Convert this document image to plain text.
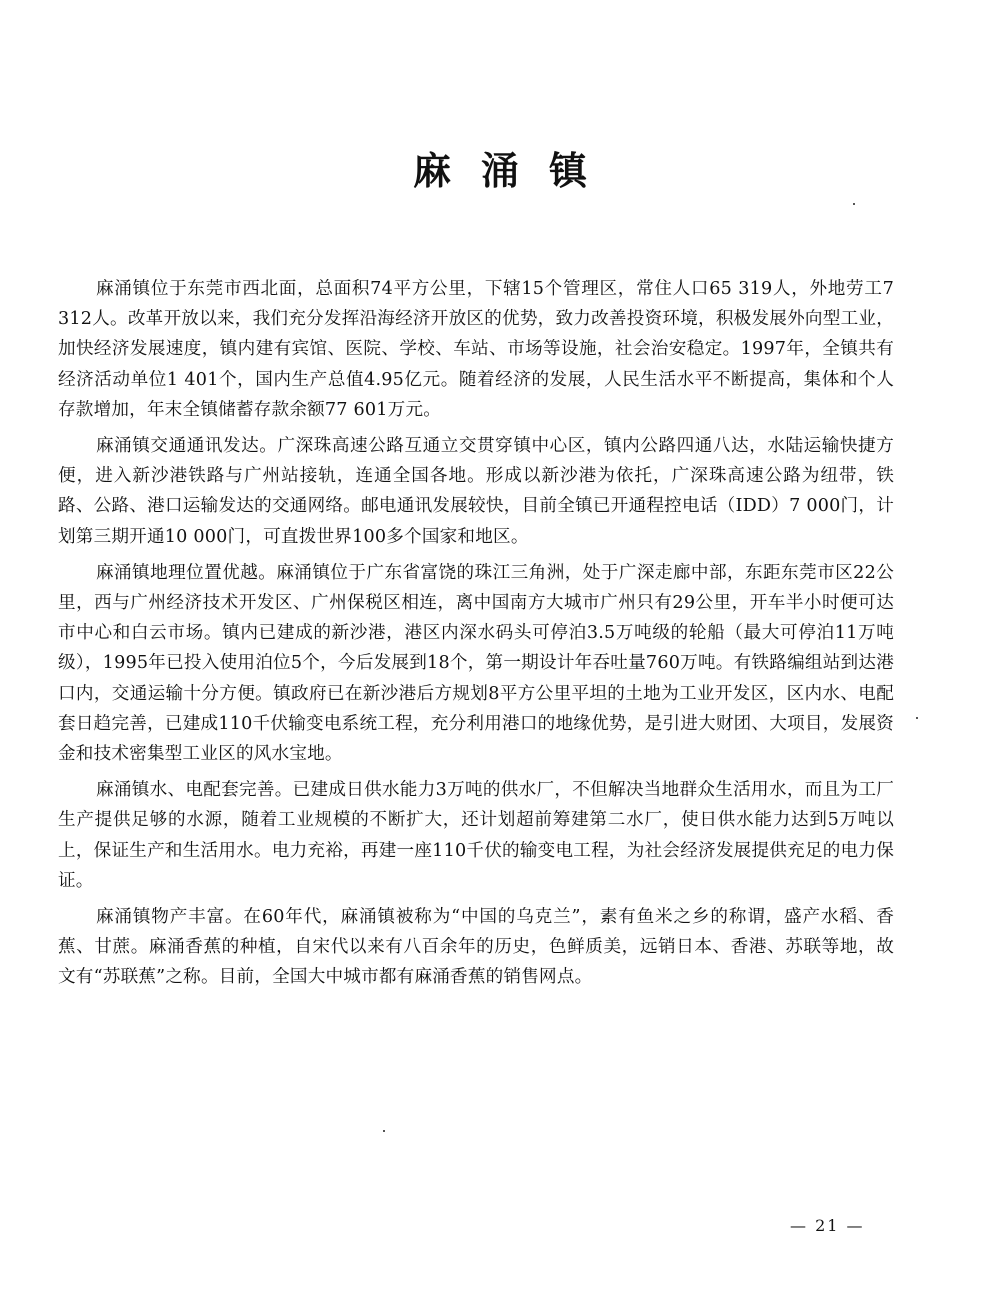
麻涌镇

麻涌镇位于东莞市西北面，总面积74平方公里，下辖15个管理区，常住人口65 319人，外地劳工7 312人。改革开放以来，我们充分发挥沿海经济开放区的优势，致力改善投资环境，积极发展外向型工业，加快经济发展速度，镇内建有宾馆、医院、学校、车站、市场等设施，社会治安稳定。1997年，全镇共有经济活动单位1 401个，国内生产总值4.95亿元。随着经济的发展，人民生活水平不断提高，集体和个人存款增加，年末全镇储蓄存款余额77 601万元。

麻涌镇交通通讯发达。广深珠高速公路互通立交贯穿镇中心区，镇内公路四通八达，水陆运输快捷方便，进入新沙港铁路与广州站接轨，连通全国各地。形成以新沙港为依托，广深珠高速公路为纽带，铁路、公路、港口运输发达的交通网络。邮电通讯发展较快，目前全镇已开通程控电话（IDD）7 000门，计划第三期开通10 000门，可直拨世界100多个国家和地区。

麻涌镇地理位置优越。麻涌镇位于广东省富饶的珠江三角洲，处于广深走廊中部，东距东莞市区22公里，西与广州经济技术开发区、广州保税区相连，离中国南方大城市广州只有29公里，开车半小时便可达市中心和白云市场。镇内已建成的新沙港，港区内深水码头可停泊3.5万吨级的轮船（最大可停泊11万吨级），1995年已投入使用泊位5个，今后发展到18个，第一期设计年吞吐量760万吨。有铁路编组站到达港口内，交通运输十分方便。镇政府已在新沙港后方规划8平方公里平坦的土地为工业开发区，区内水、电配套日趋完善，已建成110千伏输变电系统工程，充分利用港口的地缘优势，是引进大财团、大项目，发展资金和技术密集型工业区的风水宝地。

麻涌镇水、电配套完善。已建成日供水能力3万吨的供水厂，不但解决当地群众生活用水，而且为工厂生产提供足够的水源，随着工业规模的不断扩大，还计划超前筹建第二水厂，使日供水能力达到5万吨以上，保证生产和生活用水。电力充裕，再建一座110千伏的输变电工程，为社会经济发展提供充足的电力保证。

麻涌镇物产丰富。在60年代，麻涌镇被称为“中国的乌克兰”，素有鱼米之乡的称谓，盛产水稻、香蕉、甘蔗。麻涌香蕉的种植，自宋代以来有八百余年的历史，色鲜质美，远销日本、香港、苏联等地，故文有“苏联蕉”之称。目前，全国大中城市都有麻涌香蕉的销售网点。

— 21 —
